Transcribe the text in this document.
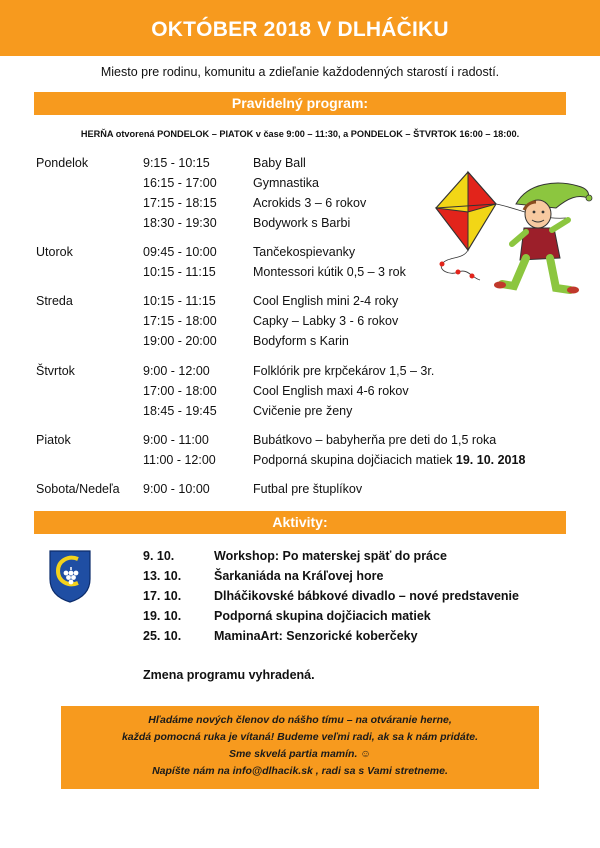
OKTÓBER 2018 V DLHÁČIKU
Miesto pre rodinu, komunitu a zdieľanie každodenných starostí i radostí.
Pravidelný program:
HERŇA otvorená PONDELOK – PIATOK v čase 9:00 – 11:30, a PONDELOK – ŠTVRTOK 16:00 – 18:00.
Pondelok	9:15 - 10:15	Baby Ball
16:15 - 17:00	Gymnastika
17:15 - 18:15	Acrokids 3 – 6 rokov
18:30 - 19:30	Bodywork s Barbi
Utorok	09:45 - 10:00	Tančekospievanky
10:15 - 11:15	Montessori kútik 0,5 – 3 rok
Streda	10:15 - 11:15	Cool English mini 2-4 roky
17:15 - 18:00	Capky – Labky 3 - 6 rokov
19:00 - 20:00	Bodyform s Karin
Štvrtok	9:00 - 12:00	Folklórik pre krpčekárov 1,5 – 3r.
17:00 - 18:00	Cool English maxi 4-6 rokov
18:45 - 19:45	Cvičenie pre ženy
Piatok	9:00 - 11:00	Bubátkovo – babyherňa pre deti do 1,5 roka
11:00 - 12:00	Podporná skupina dojčiacich matiek 19. 10. 2018
Sobota/Nedeľa 9:00 - 10:00	Futbal pre štuplíkov
Aktivity:
9. 10.	Workshop: Po materskej späť do práce
13. 10.	Šarkaniáda na Kráľovej hore
17. 10.	Dlháčikovské bábkové divadlo – nové predstavenie
19. 10.	Podporná skupina dojčiacich matiek
25. 10.	MaminaArt: Senzorické koberčeky
Zmena programu vyhradená.
Hľadáme nových členov do nášho tímu – na otváranie herne,
každá pomocná ruka je vítaná! Budeme veľmi radi, ak sa k nám pridáte.
Sme skvelá partia mamín. ☺
Napíšte nám na info@dlhacik.sk , radi sa s Vami stretneme.
